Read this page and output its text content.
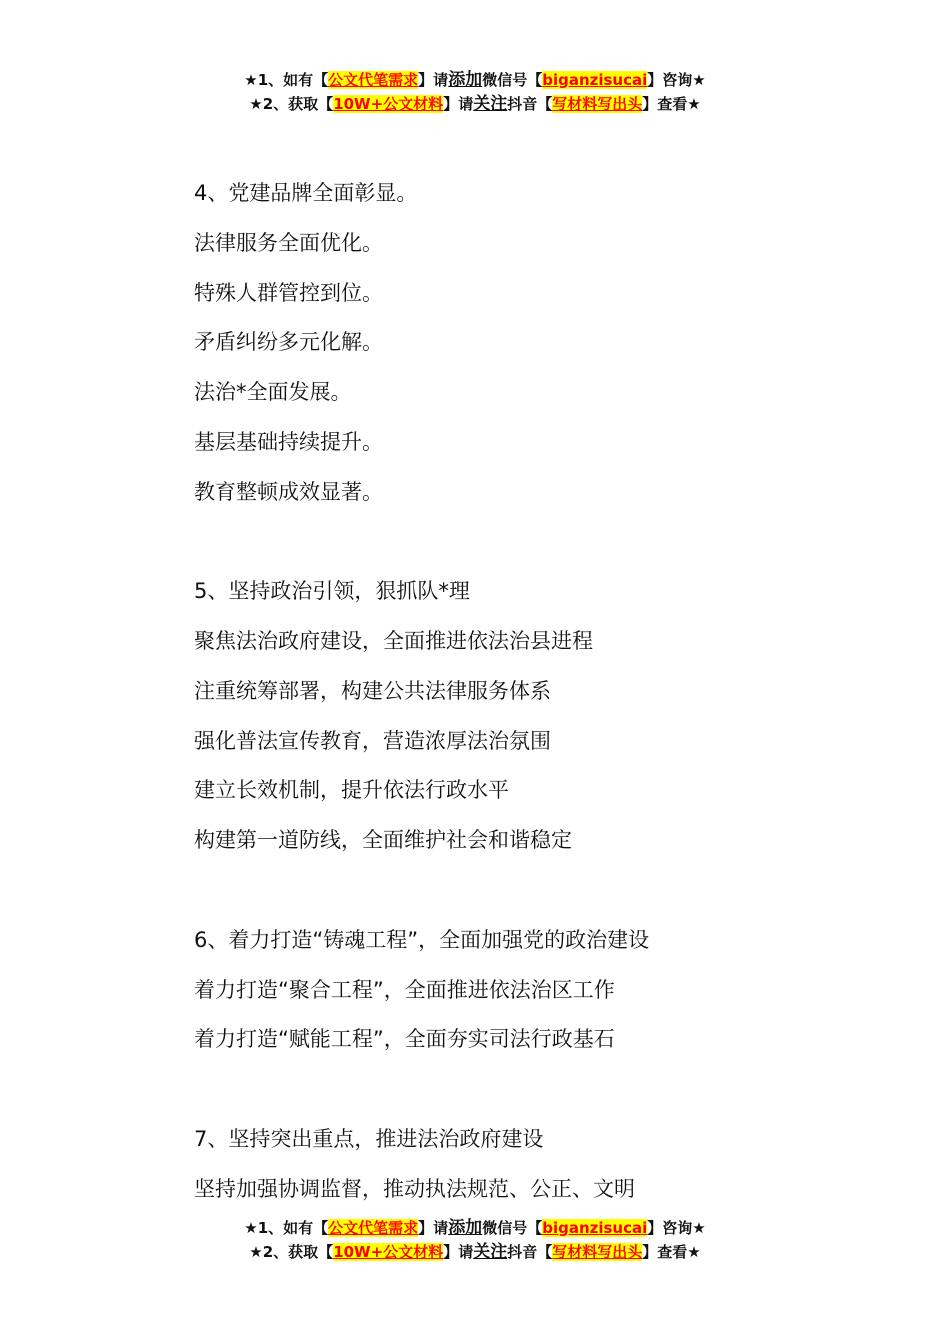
★1、如有【公文代笔需求】请添加微信号【biganzisucai】咨询★
★2、获取【10W+公文材料】请关注抖音【写材料写出头】查看★
4、党建品牌全面彰显。
法律服务全面优化。
特殊人群管控到位。
矛盾纠纷多元化解。
法治*全面发展。
基层基础持续提升。
教育整顿成效显著。
5、坚持政治引领，狠抓队*理
聚焦法治政府建设，全面推进依法治县进程
注重统筹部署，构建公共法律服务体系
强化普法宣传教育，营造浓厚法治氛围
建立长效机制，提升依法行政水平
构建第一道防线，全面维护社会和谐稳定
6、着力打造“铸魂工程”，全面加强党的政治建设
着力打造“聚合工程”，全面推进依法治区工作
着力打造“赋能工程”，全面夯实司法行政基石
7、坚持突出重点，推进法治政府建设
坚持加强协调监督，推动执法规范、公正、文明
★1、如有【公文代笔需求】请添加微信号【biganzisucai】咨询★
★2、获取【10W+公文材料】请关注抖音【写材料写出头】查看★
